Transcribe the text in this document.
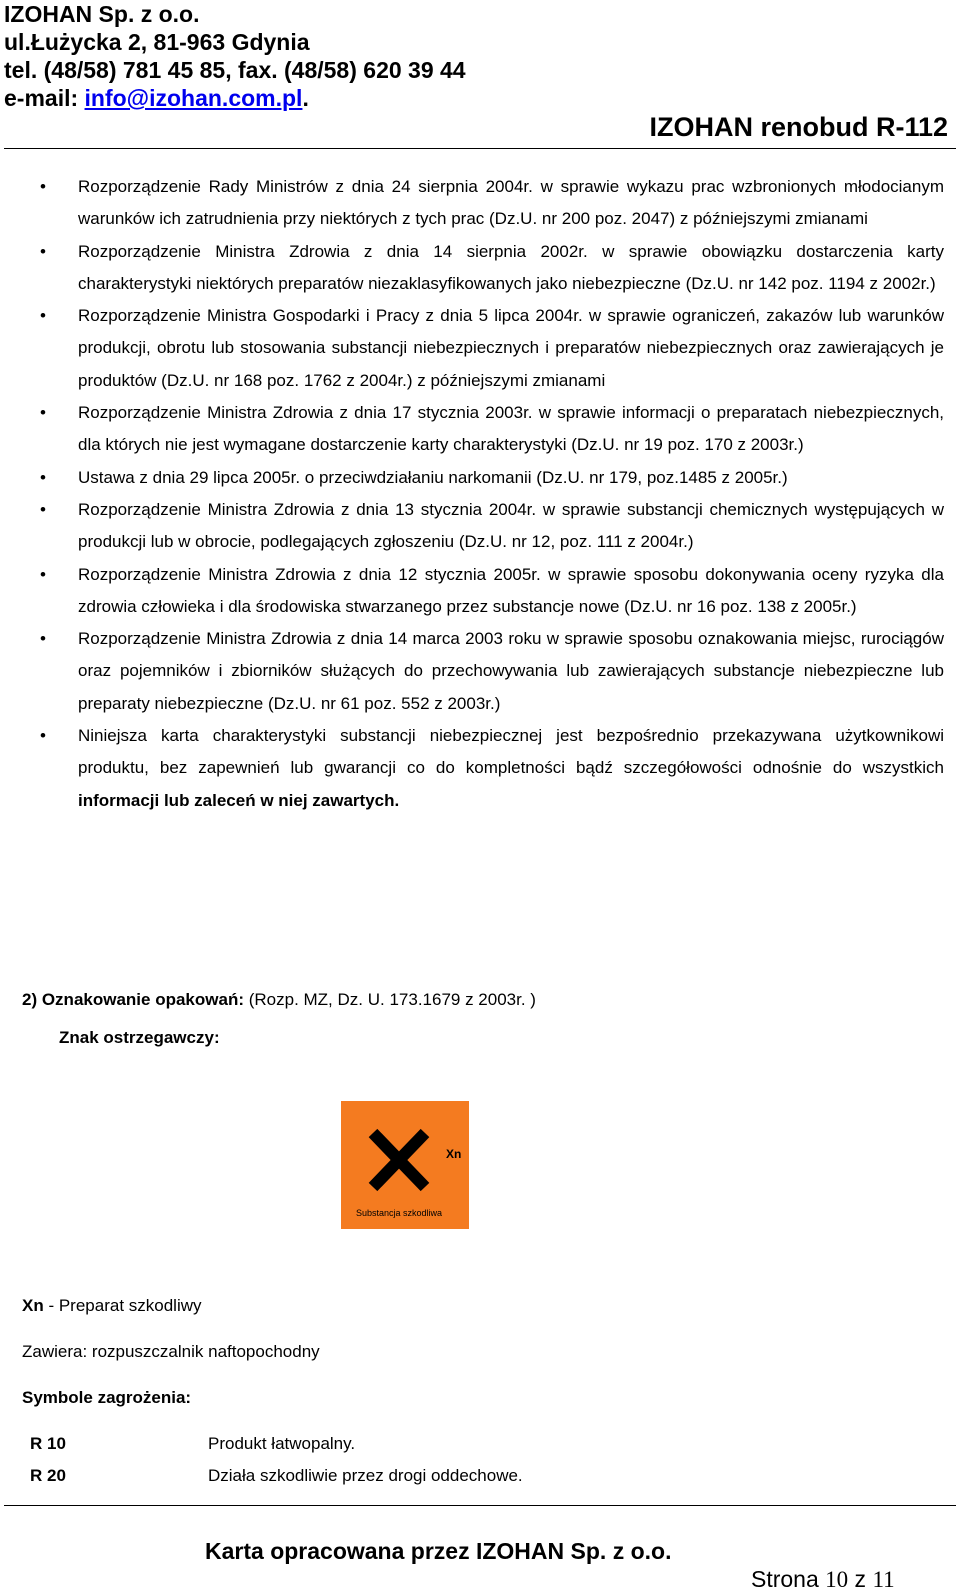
IZOHAN Sp. z o.o.
ul.Łużycka 2, 81-963 Gdynia
tel. (48/58) 781 45 85, fax. (48/58) 620 39 44
e-mail: info@izohan.com.pl.
IZOHAN renobud R-112
• Rozporządzenie Rady Ministrów z dnia 24 sierpnia 2004r. w sprawie wykazu prac wzbronionych młodocianym warunków ich zatrudnienia przy niektórych z tych prac (Dz.U. nr 200 poz. 2047) z późniejszymi zmianami
• Rozporządzenie Ministra Zdrowia z dnia 14 sierpnia 2002r. w sprawie obowiązku dostarczenia karty charakterystyki niektórych preparatów niezaklasyfikowanych jako niebezpieczne (Dz.U. nr 142 poz. 1194 z 2002r.)
• Rozporządzenie Ministra Gospodarki i Pracy z dnia 5 lipca 2004r. w sprawie ograniczeń, zakazów lub warunków produkcji, obrotu lub stosowania substancji niebezpiecznych i preparatów niebezpiecznych oraz zawierających je produktów (Dz.U. nr 168 poz. 1762 z 2004r.) z późniejszymi zmianami
• Rozporządzenie Ministra Zdrowia z dnia 17 stycznia 2003r. w sprawie informacji o preparatach niebezpiecznych, dla których nie jest wymagane dostarczenie karty charakterystyki (Dz.U. nr 19 poz. 170 z 2003r.)
• Ustawa z dnia 29 lipca 2005r. o przeciwdziałaniu narkomanii (Dz.U. nr 179, poz.1485 z 2005r.)
• Rozporządzenie Ministra Zdrowia z dnia 13 stycznia 2004r. w sprawie substancji chemicznych występujących w produkcji lub w obrocie, podlegających zgłoszeniu (Dz.U. nr 12, poz. 111 z 2004r.)
• Rozporządzenie Ministra Zdrowia z dnia 12 stycznia 2005r. w sprawie sposobu dokonywania oceny ryzyka dla zdrowia człowieka i dla środowiska stwarzanego przez substancje nowe (Dz.U. nr 16 poz. 138 z 2005r.)
• Rozporządzenie Ministra Zdrowia z dnia 14 marca 2003 roku w sprawie sposobu oznakowania miejsc, rurociągów oraz pojemników i zbiorników służących do przechowywania lub zawierających substancje niebezpieczne lub preparaty niebezpieczne (Dz.U. nr 61 poz. 552 z 2003r.)
• Niniejsza karta charakterystyki substancji niebezpiecznej jest bezpośrednio przekazywana użytkownikowi produktu, bez zapewnień lub gwarancji co do kompletności bądź szczegółowości odnośnie do wszystkich informacji lub zaleceń w niej zawartych.
2) Oznakowanie opakowań: (Rozp. MZ, Dz. U. 173.1679 z 2003r. )
Znak ostrzegawczy:
Xn
Substancja szkodliwa
Xn - Preparat szkodliwy
Zawiera: rozpuszczalnik naftopochodny
Symbole zagrożenia:
R 10	Produkt łatwopalny.
R 20	Działa szkodliwie przez drogi oddechowe.
Karta opracowana przez IZOHAN Sp. z o.o.
Strona 10 z 11
